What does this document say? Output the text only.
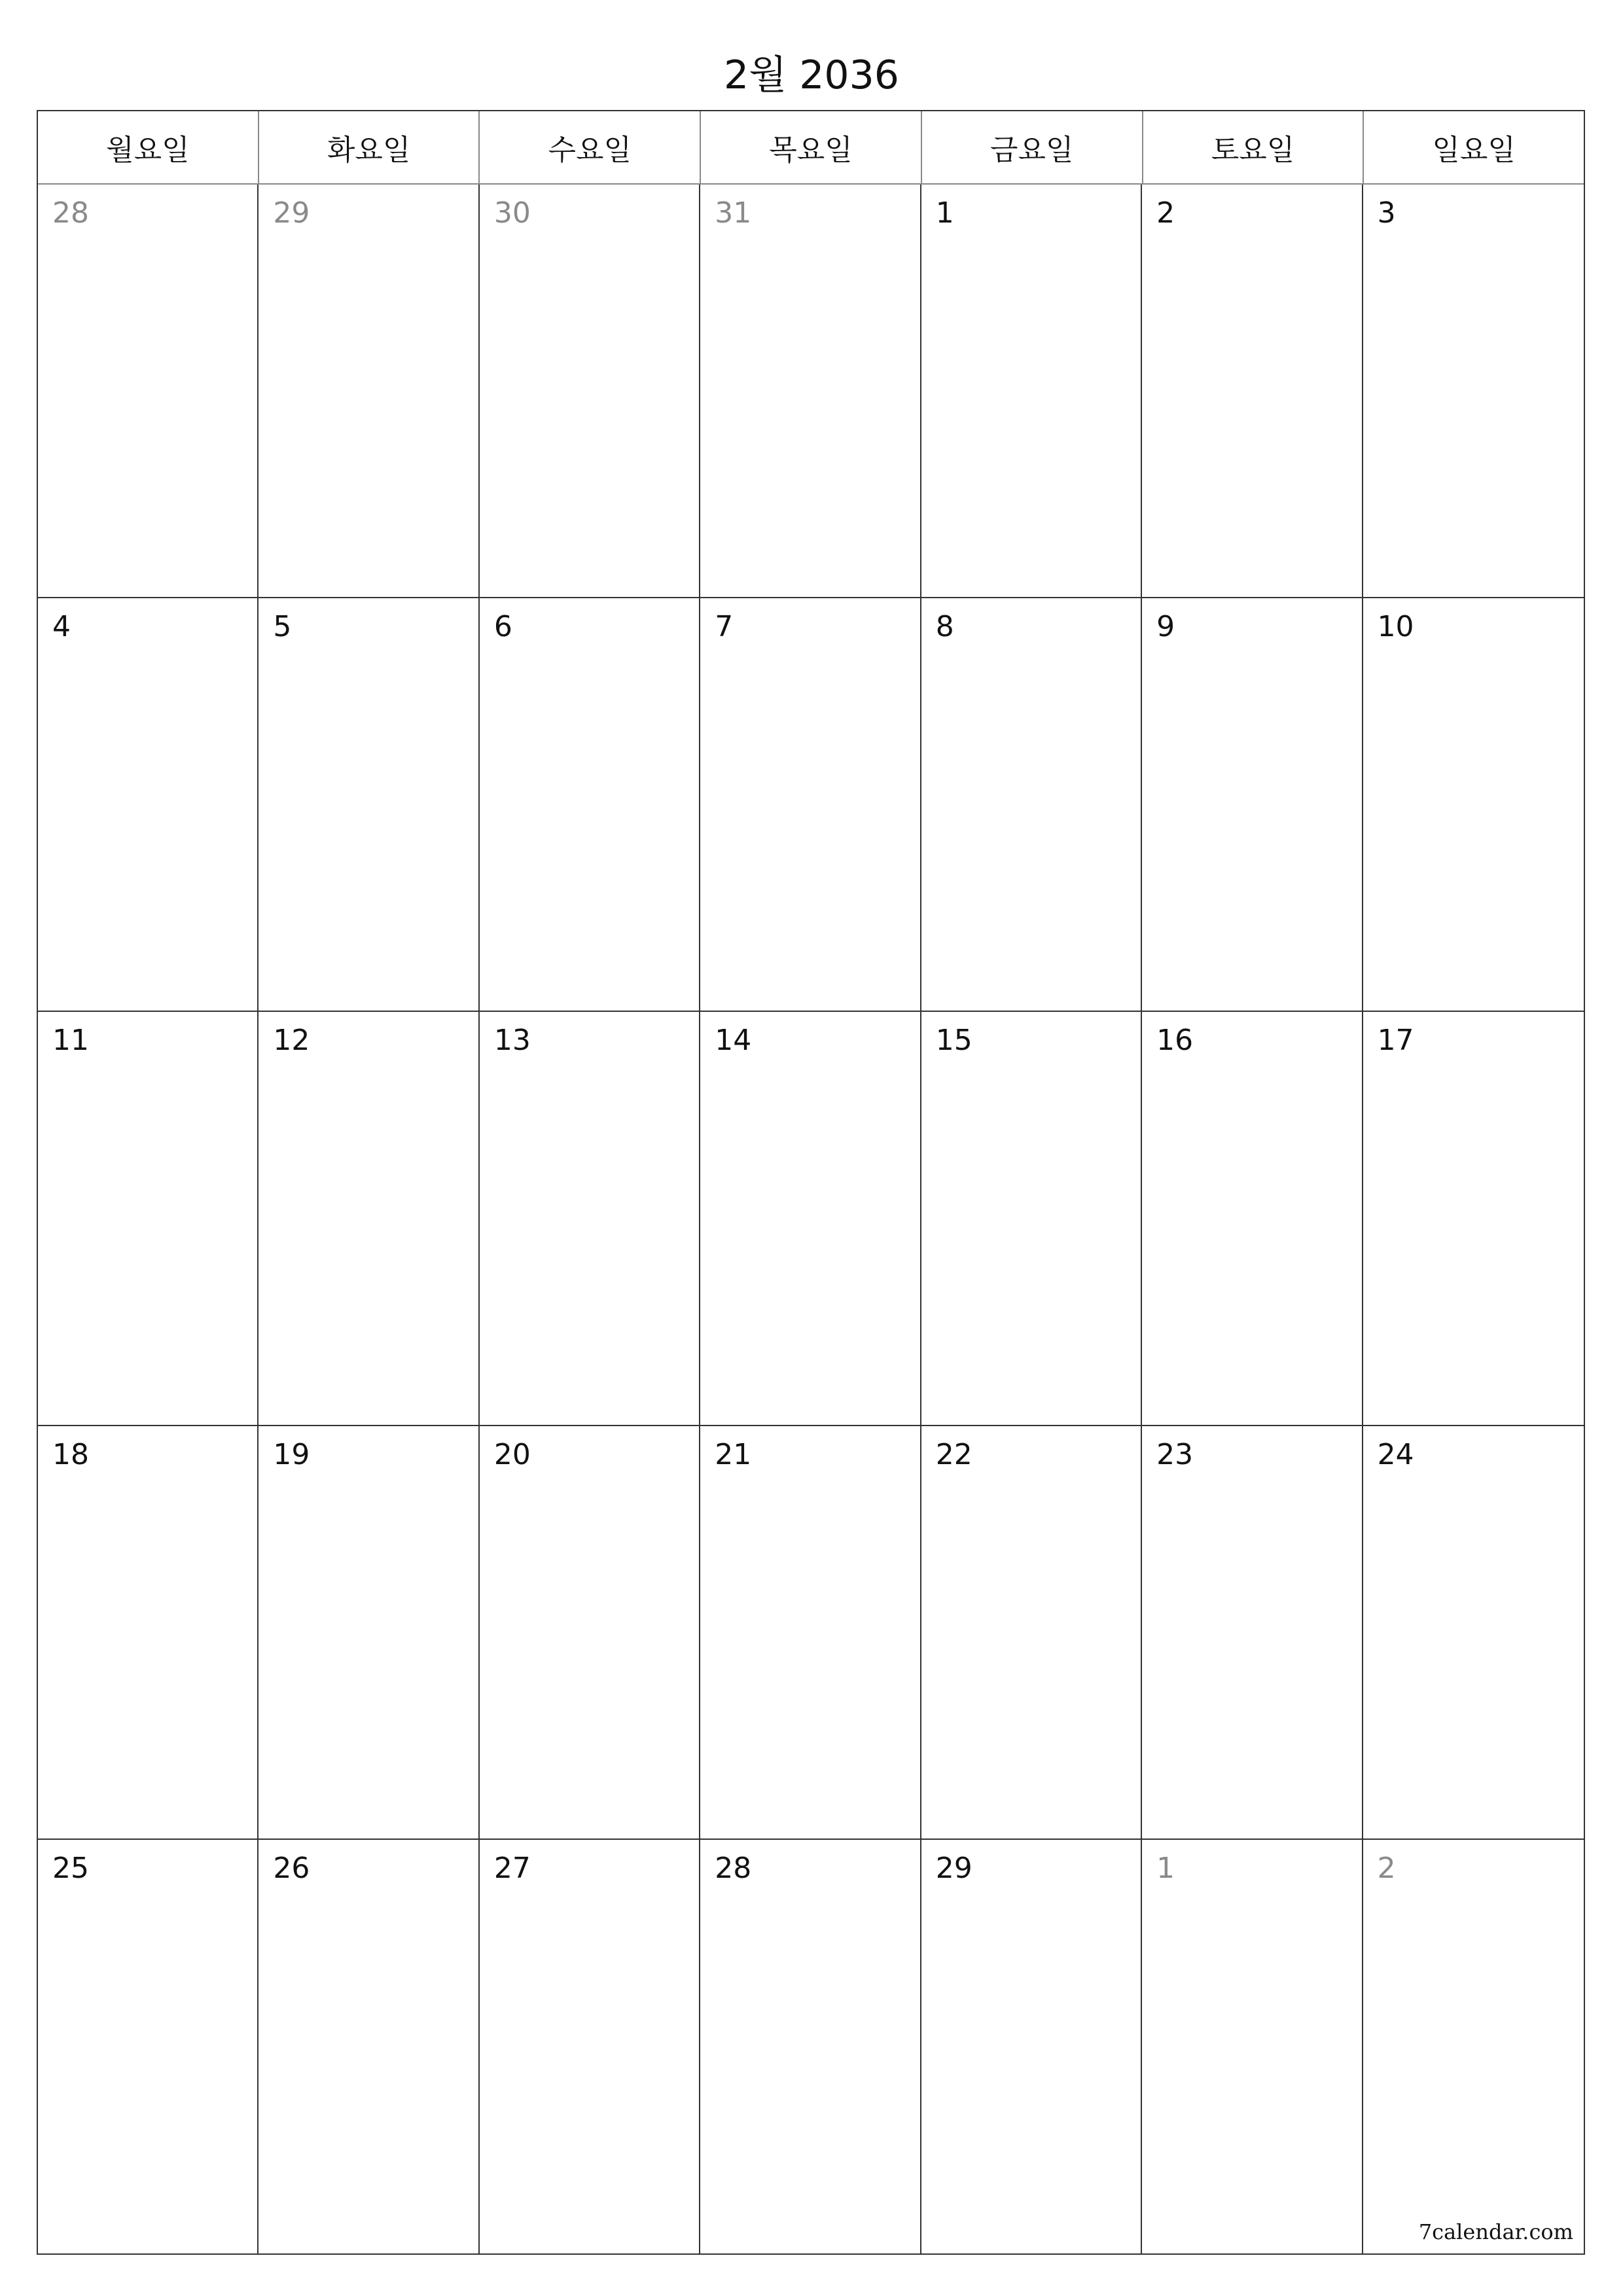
2월 2036
월요일	화요일	수요일	목요일	금요일	토요일	일요일
28	29	30	31	1	2	3
4	5	6	7	8	9	10
11	12	13	14	15	16	17
18	19	20	21	22	23	24
25	26	27	28	29	1	2
7calendar.com
